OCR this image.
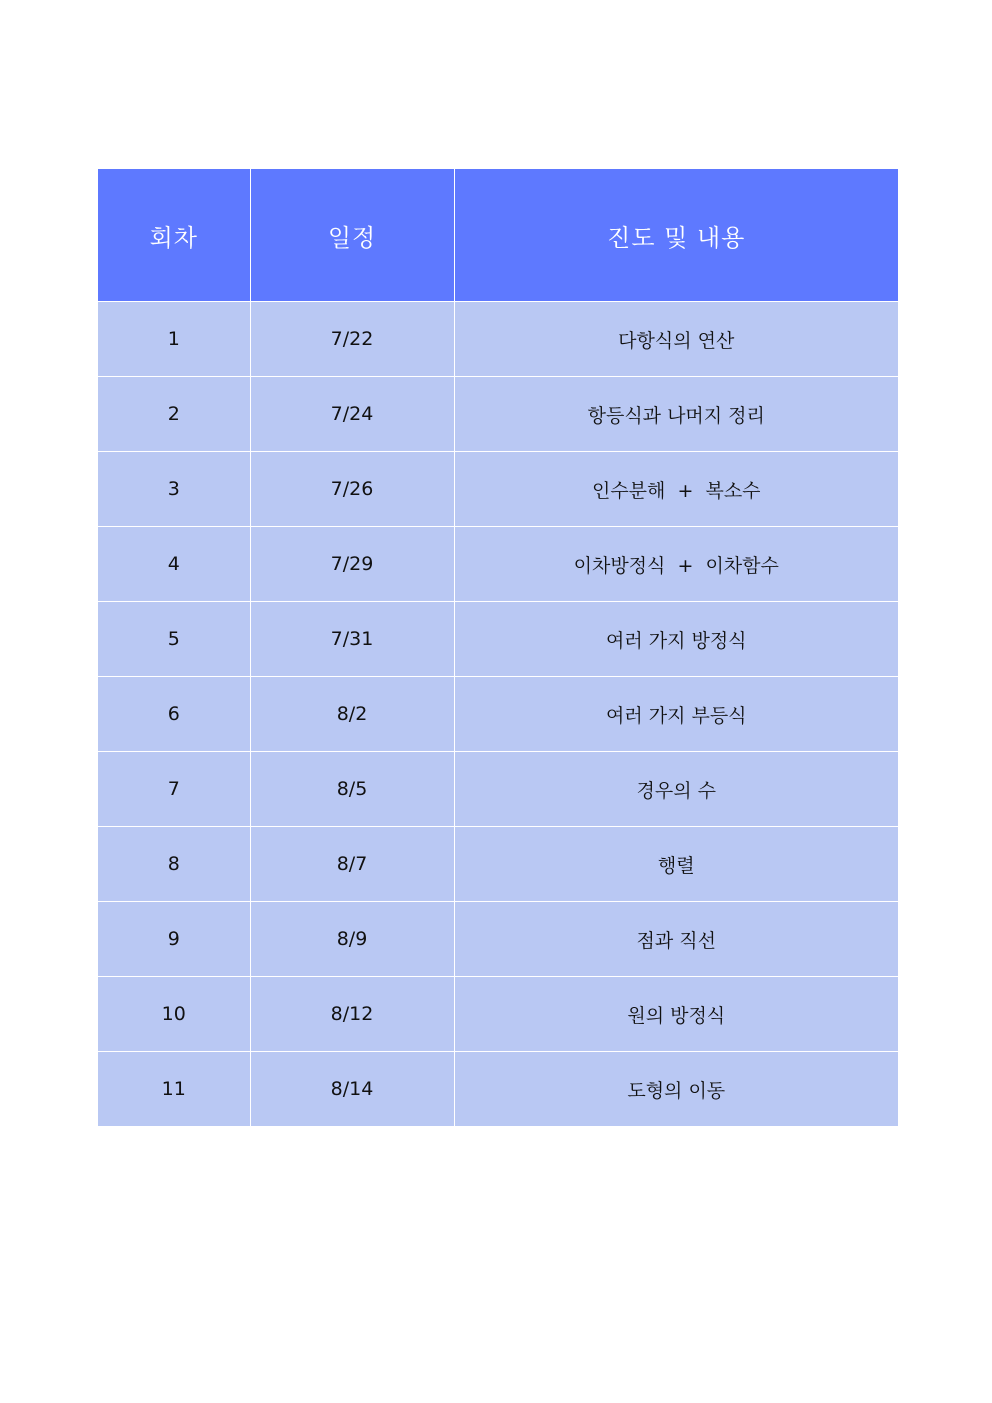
회차	일정	진도 및 내용
1	7/22	다항식의 연산
2	7/24	항등식과 나머지 정리
3	7/26	인수분해  +  복소수
4	7/29	이차방정식  +  이차함수
5	7/31	여러 가지 방정식
6	8/2	여러 가지 부등식
7	8/5	경우의 수
8	8/7	행렬
9	8/9	점과 직선
10	8/12	원의 방정식
11	8/14	도형의 이동
